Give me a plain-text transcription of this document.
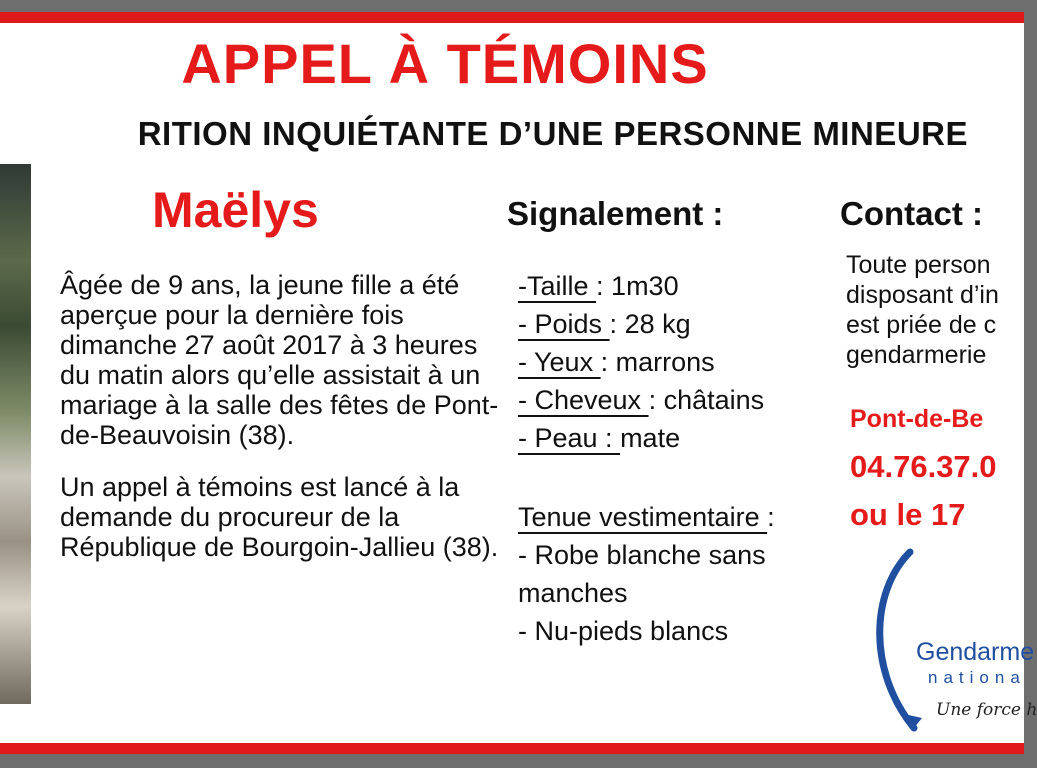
APPEL À TÉMOINS
RITION INQUIÉTANTE D’UNE PERSONNE MINEURE
Maëlys

Âgée de 9 ans, la jeune fille a été aperçue pour la dernière fois dimanche 27 août 2017 à 3 heures du matin alors qu’elle assistait à un mariage à la salle des fêtes de Pont-de-Beauvoisin (38).

Un appel à témoins est lancé à la demande du procureur de la République de Bourgoin-Jallieu (38).

Signalement :
-Taille : 1m30
- Poids : 28 kg
- Yeux : marrons
- Cheveux : châtains
- Peau : mate
Tenue vestimentaire :
- Robe blanche sans manches
- Nu-pieds blancs
Contact :
Toute person
disposant d’in
est priée de c
gendarmerie
Pont-de-Be
04.76.37.0
ou le 17
Gendarme
nationa
Une force h
